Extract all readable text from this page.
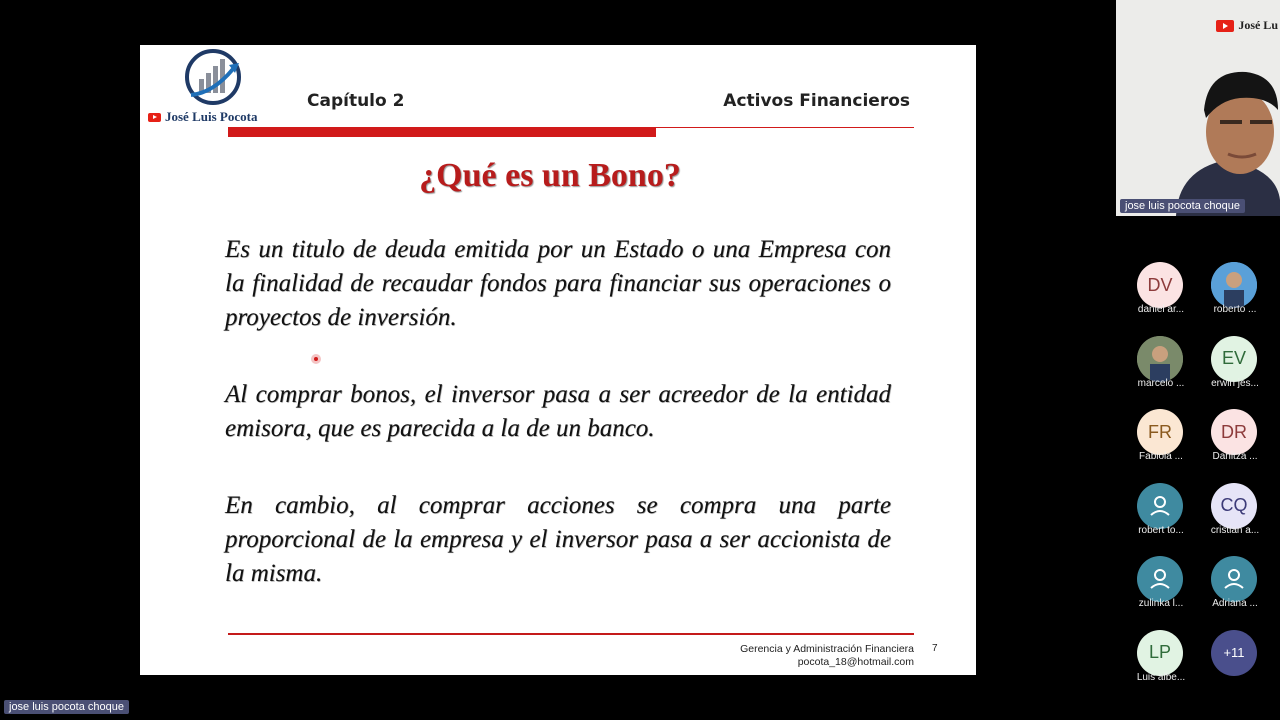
José Luis Pocota
Capítulo 2	Activos Financieros
¿Qué es un Bono?
Es un titulo de deuda emitida por un Estado o una Empresa con la finalidad de recaudar fondos para financiar sus operaciones o proyectos de inversión.
Al comprar bonos, el inversor pasa a ser acreedor de la entidad emisora, que es parecida a la de un banco.
En cambio, al comprar acciones se compra una parte proporcional de la empresa y el inversor pasa a ser accionista de la misma.
Gerencia y Administración Financiera
pocota_18@hotmail.com
7
José Lu
jose luis pocota choque
DV
daniel ar...	roberto ...
marcelo ...
EV
erwin jes...
FR
Fabiola ...
DR
Danitza ...
robert to...
CQ
cristian a...
zulinka l...	Adriana ...
LP
Luis albe...
+11
jose luis pocota choque
